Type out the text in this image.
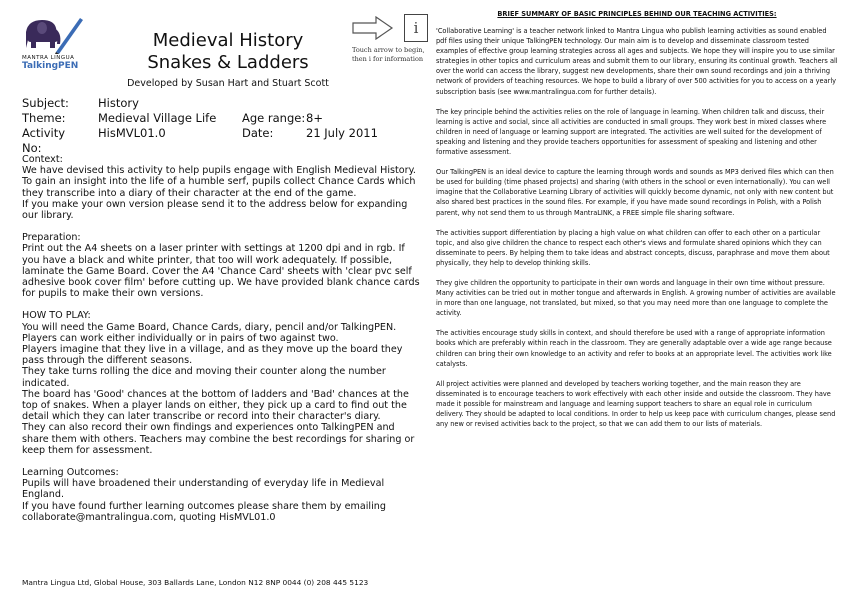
MANTRA LINGUA
TalkingPEN
Medieval History
Snakes & Ladders
Developed by Susan Hart and Stuart Scott
i
Touch arrow to begin,
then i for information
Subject:	History
Theme:	Medieval Village Life Age range: 8+
Activity No:
HisMVL01.0	Date:	21 July 2011

Context:

We have devised this activity to help pupils engage with English Medieval History. To gain an insight into the life of a humble serf, pupils collect Chance Cards which they transcribe into a diary of their character at the end of the game.

If you make your own version please send it to the address below for expanding our library.

Preparation:

Print out the A4 sheets on a laser printer with settings at 1200 dpi and in rgb. If you have a black and white printer, that too will work adequately. If possible, laminate the Game Board. Cover the A4 'Chance Card' sheets with 'clear pvc self adhesive book cover film' before cutting up. We have provided blank chance cards for pupils to make their own versions.

HOW TO PLAY:

You will need the Game Board, Chance Cards, diary, pencil and/or TalkingPEN.

Players can work either individually or in pairs of two against two.

Players imagine that they live in a village, and as they move up the board they pass through the different seasons.

They take turns rolling the dice and moving their counter along the number indicated.

The board has 'Good' chances at the bottom of ladders and 'Bad' chances at the top of snakes. When a player lands on either, they pick up a card to find out the detail which they can later transcribe or record into their character's diary.

They can also record their own findings and experiences onto TalkingPEN and share them with others. Teachers may combine the best recordings for sharing or keep them for assessment.

Learning Outcomes:

Pupils will have broadened their understanding of everyday life in Medieval England.

If you have found further learning outcomes please share them by emailing collaborate@mantralingua.com, quoting HisMVL01.0

Mantra Lingua Ltd, Global House, 303 Ballards Lane, London N12 8NP 0044 (0) 208 445 5123

BRIEF SUMMARY OF BASIC PRINCIPLES BEHIND OUR TEACHING ACTIVITIES:

'Collaborative Learning' is a teacher network linked to Mantra Lingua who publish learning activities as sound enabled pdf files using their unique TalkingPEN technology. Our main aim is to develop and disseminate classroom tested examples of effective group learning strategies across all ages and subjects. We hope they will inspire you to use similar strategies in other topics and curriculum areas and submit them to our library, ensuring its continual growth. Teachers all over the world can access the library, suggest new developments, share their own sound recordings and join a thriving network of providers of teaching resources. We hope to build a library of over 500 activities for you to access on a yearly subscription basis (see www.mantralingua.com for further details).

The key principle behind the activities relies on the role of language in learning. When children talk and discuss, their learning is active and social, since all activities are conducted in small groups. They work best in mixed classes where children in need of language or learning support are integrated. The activities are well suited for the development of speaking and listening and they provide teachers opportunities for assessment of speaking and listening and other formative assessment.

Our TalkingPEN is an ideal device to capture the learning through words and sounds as MP3 derived files which can then be used for building (time phased projects) and sharing (with others in the school or even internationally). You can well imagine that the Collaborative Learning Library of activities will quickly become dynamic, not only with new content but also shared best practices in the sound files. For example, if you have made sound recordings in Polish, with a Polish parent, why not send them to us through MantraLINK, a FREE simple file sharing software.

The activities support differentiation by placing a high value on what children can offer to each other on a particular topic, and also give children the chance to respect each other's views and formulate shared opinions which they can disseminate to peers. By helping them to take ideas and abstract concepts, discuss, paraphrase and move them about physically, they help to develop thinking skills.

They give children the opportunity to participate in their own words and language in their own time without pressure. Many activities can be tried out in mother tongue and afterwards in English. A growing number of activities are available in more than one language, not translated, but mixed, so that you may need more than one language to complete the activity.

The activities encourage study skills in context, and should therefore be used with a range of appropriate information books which are preferably within reach in the classroom. They are generally adaptable over a wide age range because children can bring their own knowledge to an activity and refer to books at an appropriate level. The activities work like catalysts.

All project activities were planned and developed by teachers working together, and the main reason they are disseminated is to encourage teachers to work effectively with each other inside and outside the classroom. They have made it possible for mainstream and language and learning support teachers to share an equal role in curriculum delivery. They should be adapted to local conditions. In order to help us keep pace with curriculum changes, please send any new or revised activities back to the project, so that we can add them to our lists of materials.
